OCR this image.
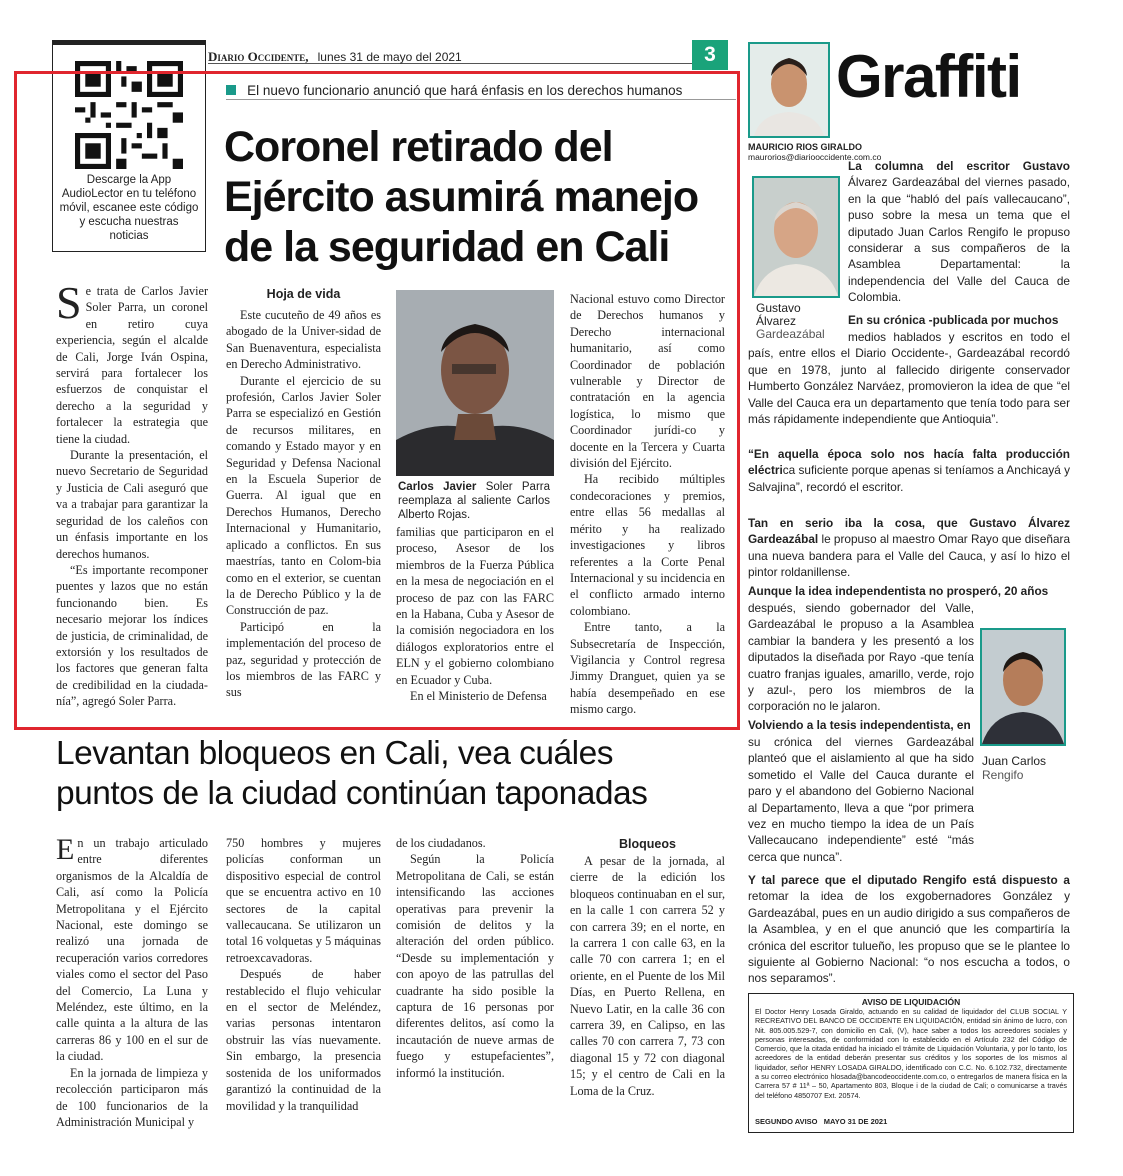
Diario Occidente, lunes 31 de mayo del 2021	3
Descarge la App AudioLector en tu teléfono móvil, escanee este código y escucha nuestras noticias
El nuevo funcionario anunció que hará énfasis en los derechos humanos
Coronel retirado del
Ejército asumirá manejo
de la seguridad en Cali
S e trata de Carlos Javier Soler Parra, un coronel en retiro cuya experiencia, según el alcalde de Cali, Jorge Iván Ospina, servirá para fortalecer los esfuerzos de conquistar el derecho a la seguridad y fortalecer la estrategia que tiene la ciudad.

Durante la presentación, el nuevo Secretario de Seguridad y Justicia de Cali aseguró que va a trabajar para garantizar la seguridad de los caleños con un énfasis importante en los derechos humanos.

“Es importante recomponer puentes y lazos que no están funcionando bien. Es necesario mejorar los índices de justicia, de criminalidad, de extorsión y los resultados de los factores que generan falta de credibilidad en la ciudada-nía”, agregó Soler Parra.

Hoja de vida

Este cucuteño de 49 años es abogado de la Univer-sidad de San Buenaventura, especialista en Derecho Administrativo.

Durante el ejercicio de su profesión, Carlos Javier Soler Parra se especializó en Gestión de recursos militares, en comando y Estado mayor y en Seguridad y Defensa Nacional en la Escuela Superior de Guerra. Al igual que en Derechos Humanos, Derecho Internacional y Humanitario, aplicado a conflictos. En sus maestrías, tanto en Colom-bia como en el exterior, se cuentan la de Derecho Público y la de Construcción de paz.

Participó en la implementación del proceso de paz, seguridad y protección de los miembros de las FARC y sus

Carlos Javier Soler Parra reemplaza al saliente Carlos Alberto Rojas.

familias que participaron en el proceso, Asesor de los miembros de la Fuerza Pública en la mesa de negociación en el proceso de paz con las FARC en la Habana, Cuba y Asesor de la comisión negociadora en los diálogos exploratorios entre el ELN y el gobierno colombiano en Ecuador y Cuba.

En el Ministerio de Defensa

Nacional estuvo como Director de Derechos humanos y Derecho internacional humanitario, así como Coordinador de población vulnerable y Director de contratación en la agencia logística, lo mismo que Coordinador jurídi-co y docente en la Tercera y Cuarta división del Ejército.

Ha recibido múltiples condecoraciones y premios, entre ellas 56 medallas al mérito y ha realizado investigaciones y libros referentes a la Corte Penal Internacional y su incidencia en el conflicto armado interno colombiano.

Entre tanto, a la Subsecretaría de Inspección, Vigilancia y Control regresa Jimmy Dranguet, quien ya se había desempeñado en ese mismo cargo.

Levantan bloqueos en Cali, vea cuáles
puntos de la ciudad continúan taponadas
E n un trabajo articulado entre diferentes organismos de la Alcaldía de Cali, así como la Policía Metropolitana y el Ejército Nacional, este domingo se realizó una jornada de recuperación varios corredores viales como el sector del Paso del Comercio, La Luna y Meléndez, este último, en la calle quinta a la altura de las carreras 86 y 100 en el sur de la ciudad.

En la jornada de limpieza y recolección participaron más de 100 funcionarios de la Administración Municipal y

750 hombres y mujeres policías conforman un dispositivo especial de control que se encuentra activo en 10 sectores de la capital vallecaucana. Se utilizaron un total 16 volquetas y 5 máquinas retroexcavadoras.

Después de haber restablecido el flujo vehicular en el sector de Meléndez, varias personas intentaron obstruir las vías nuevamente. Sin embargo, la presencia sostenida de los uniformados garantizó la continuidad de la movilidad y la tranquilidad

de los ciudadanos.

Según la Policía Metropolitana de Cali, se están intensificando las acciones operativas para prevenir la comisión de delitos y la alteración del orden público. “Desde su implementación y con apoyo de las patrullas del cuadrante ha sido posible la captura de 16 personas por diferentes delitos, así como la incautación de nueve armas de fuego y estupefacientes”, informó la institución.

Bloqueos

A pesar de la jornada, al cierre de la edición los bloqueos continuaban en el sur, en la calle 1 con carrera 52 y con carrera 39; en el norte, en la carrera 1 con calle 63, en la calle 70 con carrera 1; en el oriente, en el Puente de los Mil Días, en Puerto Rellena, en Nuevo Latir, en la calle 36 con carrera 39, en Calipso, en las calles 70 con carrera 7, 73 con diagonal 15 y 72 con diagonal 15; y el centro de Cali en la Loma de la Cruz.

Graffiti
MAURICIO RIOS GIRALDO
maurorios@diariooccidente.com.co
Gustavo Álvarez
Gardeazábal
Juan Carlos
Rengifo

La columna del escritor Gustavo Álvarez Gardeazábal del viernes pasado, en la que “habló del país vallecaucano”, puso sobre la mesa un tema que el diputado Juan Carlos Rengifo le propuso considerar a sus compañeros de la Asamblea Departamental: la independencia del Valle del Cauca de Colombia.

En su crónica -publicada por muchos

medios hablados y escritos en todo el país, entre ellos el Diario Occidente-, Gardeazábal recordó que en 1978, junto al fallecido dirigente conservador Humberto González Narváez, promovieron la idea de que “el Valle del Cauca era un departamento que tenía todo para ser más rápidamente independiente que Antioquia”.

“En aquella época solo nos hacía falta producción eléctrica suficiente porque apenas si teníamos a Anchicayá y Salvajina”, recordó el escritor.

Tan en serio iba la cosa, que Gustavo Álvarez Gardeazábal le propuso al maestro Omar Rayo que diseñara una nueva bandera para el Valle del Cauca, y así lo hizo el pintor roldanillense.

Aunque la idea independentista no prosperó, 20 años

después, siendo gobernador del Valle, Gardeazábal le propuso a la Asamblea cambiar la bandera y les presentó a los diputados la diseñada por Rayo -que tenía cuatro franjas iguales, amarillo, verde, rojo y azul-, pero los miembros de la corporación no le jalaron.

Volviendo a la tesis independentista, en

su crónica del viernes Gardeazábal planteó que el aislamiento al que ha sido sometido el Valle del Cauca durante el paro y el abandono del Gobierno Nacional al Departamento, lleva a que “por primera vez en mucho tiempo la idea de un País Vallecaucano independiente” esté “más cerca que nunca”.

Y tal parece que el diputado Rengifo está dispuesto a retomar la idea de los exgobernadores González y Gardeazábal, pues en un audio dirigido a sus compañeros de la Asamblea, y en el que anunció que les compartiría la crónica del escritor tulueño, les propuso que se le plantee lo siguiente al Gobierno Nacional: “o nos escucha a todos, o nos separamos”.

AVISO DE LIQUIDACIÓN
El Doctor Henry Losada Giraldo, actuando en su calidad de liquidador del CLUB SOCIAL Y RECREATIVO DEL BANCO DE OCCIDENTE EN LIQUIDACIÓN, entidad sin ánimo de lucro, con Nit. 805.005.529-7, con domicilio en Cali, (V), hace saber a todos los acreedores sociales y personas interesadas, de conformidad con lo establecido en el Artículo 232 del Código de Comercio, que la citada entidad ha iniciado el trámite de Liquidación Voluntaria, y por lo tanto, los acreedores de la entidad deberán presentar sus créditos y los soportes de los mismos al liquidador, señor HENRY LOSADA GIRALDO, identificado con C.C. No. 6.102.732, directamente a su correo electrónico hlosada@bancodeoccidente.com.co, o entregarlos de manera física en la Carrera 57 # 11ª – 50, Apartamento 803, Bloque i de la ciudad de Cali; o comunicarse a través del teléfono 4850707 Ext. 20574.
SEGUNDO AVISO   MAYO 31 DE 2021
